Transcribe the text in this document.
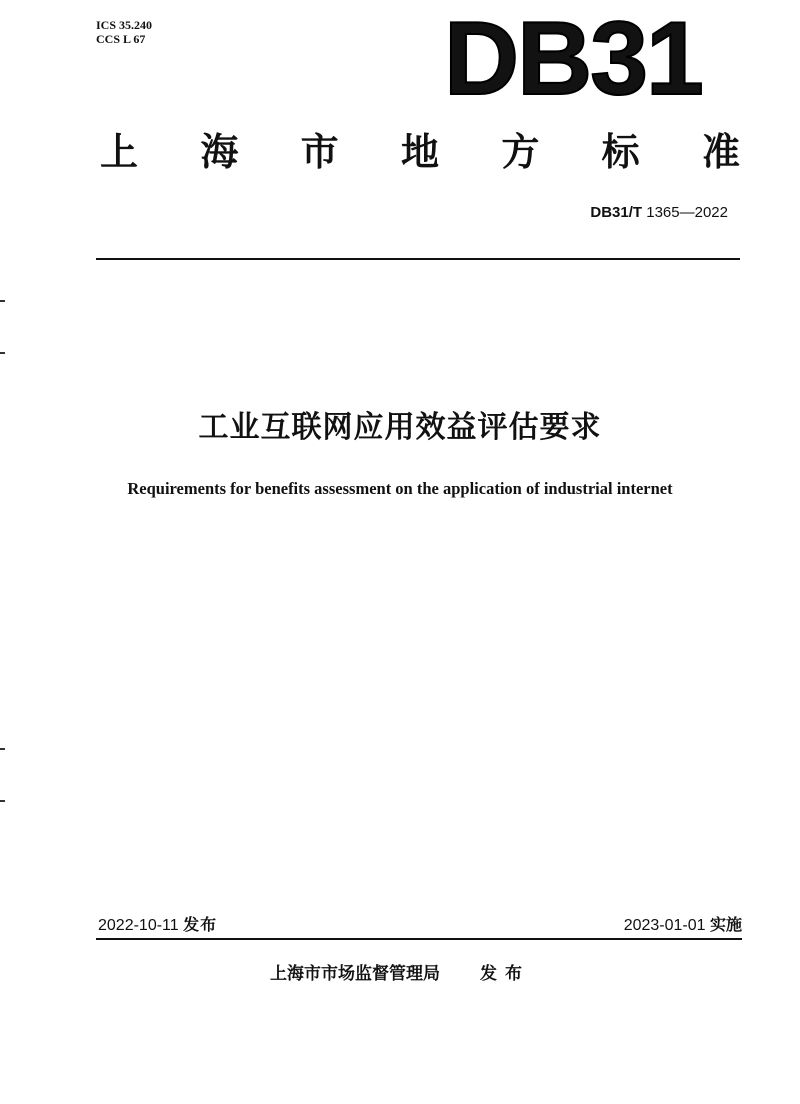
ICS 35.240
CCS L 67	DB31
上 海 市 地 方 标 准
DB31/T 1365—2022
工业互联网应用效益评估要求
Requirements for benefits assessment on the application of industrial internet
2022-10-11 发布	2023-01-01 实施
上海市市场监督管理局 发布
